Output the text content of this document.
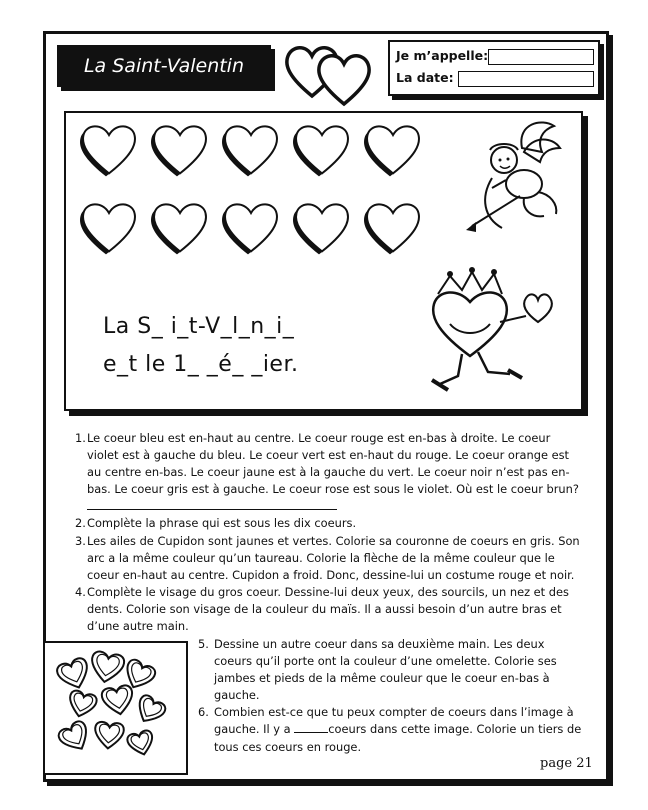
La Saint-Valentin	Je m’appelle:
La date:
La S_ i_t-V_l_n_i_
e_t le 1_ _é_ _ier.
1. Le coeur bleu est en-haut au centre. Le coeur rouge est en-bas à droite. Le coeur violet est à gauche du bleu. Le coeur vert est en-haut du rouge. Le coeur orange est au centre en-bas. Le coeur jaune est à la gauche du vert. Le coeur noir n’est pas en-bas. Le coeur gris est à gauche. Le coeur rose est sous le violet. Où est le coeur brun?
2. Complète la phrase qui est sous les dix coeurs.
3. Les ailes de Cupidon sont jaunes et vertes. Colorie sa couronne de coeurs en gris. Son arc a la même couleur qu’un taureau. Colorie la flèche de la même couleur que le coeur en-haut au centre. Cupidon a froid. Donc, dessine-lui un costume rouge et noir.
4. Complète le visage du gros coeur. Dessine-lui deux yeux, des sourcils, un nez et des dents. Colorie son visage de la couleur du maïs. Il a aussi besoin d’un autre bras et d’une autre main.
5. Dessine un autre coeur dans sa deuxième main. Les deux coeurs qu’il porte ont la couleur d’une omelette. Colorie ses jambes et pieds de la même couleur que le coeur en-bas à gauche.
6. Combien est-ce que tu peux compter de coeurs dans l’image à gauche. Il y a	coeurs dans cette image. Colorie un tiers de tous ces coeurs en rouge.
page 21
